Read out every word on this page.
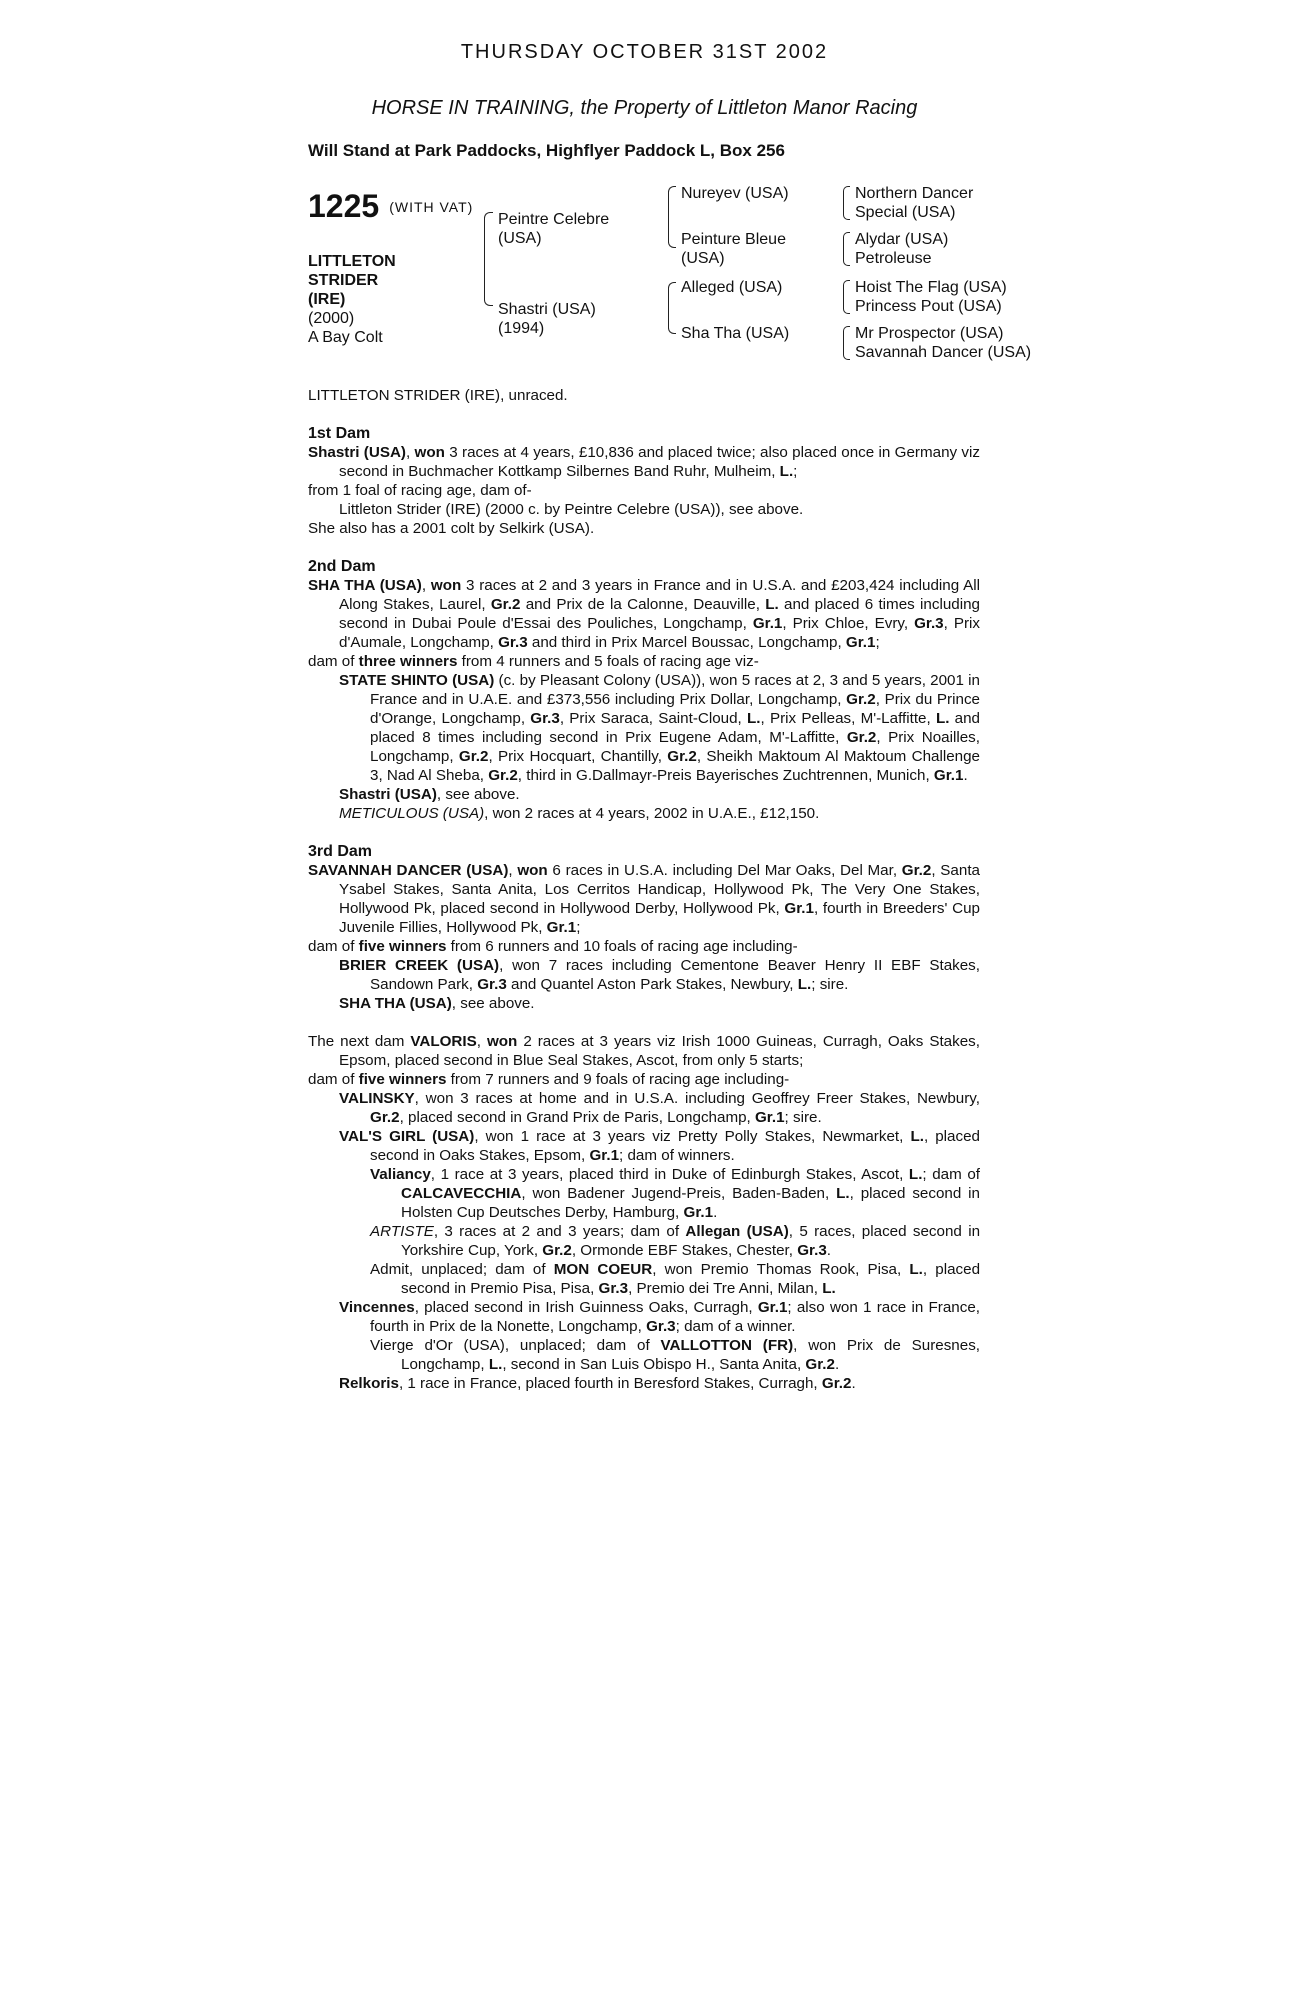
THURSDAY OCTOBER 31ST 2002
HORSE IN TRAINING, the Property of Littleton Manor Racing
Will Stand at Park Paddocks, Highflyer Paddock L, Box 256
1225 (WITH VAT)
LITTLETON
STRIDER
(IRE)
(2000)
A Bay Colt
Peintre Celebre
(USA)
Shastri (USA)
(1994)
Nureyev (USA)
Peinture Bleue
(USA)
Alleged (USA)
Sha Tha (USA)
Northern Dancer
Special (USA)
Alydar (USA)
Petroleuse
Hoist The Flag (USA)
Princess Pout (USA)
Mr Prospector (USA)
Savannah Dancer (USA)

LITTLETON STRIDER (IRE), unraced.

1st Dam

Shastri (USA), won 3 races at 4 years, £10,836 and placed twice; also placed once in Germany viz second in Buchmacher Kottkamp Silbernes Band Ruhr, Mulheim, L.;

from 1 foal of racing age, dam of-

Littleton Strider (IRE) (2000 c. by Peintre Celebre (USA)), see above.

She also has a 2001 colt by Selkirk (USA).

2nd Dam

SHA THA (USA), won 3 races at 2 and 3 years in France and in U.S.A. and £203,424 including All Along Stakes, Laurel, Gr.2 and Prix de la Calonne, Deauville, L. and placed 6 times including second in Dubai Poule d'Essai des Pouliches, Longchamp, Gr.1, Prix Chloe, Evry, Gr.3, Prix d'Aumale, Longchamp, Gr.3 and third in Prix Marcel Boussac, Longchamp, Gr.1;

dam of three winners from 4 runners and 5 foals of racing age viz-

STATE SHINTO (USA) (c. by Pleasant Colony (USA)), won 5 races at 2, 3 and 5 years, 2001 in France and in U.A.E. and £373,556 including Prix Dollar, Longchamp, Gr.2, Prix du Prince d'Orange, Longchamp, Gr.3, Prix Saraca, Saint-Cloud, L., Prix Pelleas, M'-Laffitte, L. and placed 8 times including second in Prix Eugene Adam, M'-Laffitte, Gr.2, Prix Noailles, Longchamp, Gr.2, Prix Hocquart, Chantilly, Gr.2, Sheikh Maktoum Al Maktoum Challenge 3, Nad Al Sheba, Gr.2, third in G.Dallmayr-Preis Bayerisches Zuchtrennen, Munich, Gr.1.

Shastri (USA), see above.

METICULOUS (USA), won 2 races at 4 years, 2002 in U.A.E., £12,150.

3rd Dam

SAVANNAH DANCER (USA), won 6 races in U.S.A. including Del Mar Oaks, Del Mar, Gr.2, Santa Ysabel Stakes, Santa Anita, Los Cerritos Handicap, Hollywood Pk, The Very One Stakes, Hollywood Pk, placed second in Hollywood Derby, Hollywood Pk, Gr.1, fourth in Breeders' Cup Juvenile Fillies, Hollywood Pk, Gr.1;

dam of five winners from 6 runners and 10 foals of racing age including-

BRIER CREEK (USA), won 7 races including Cementone Beaver Henry II EBF Stakes, Sandown Park, Gr.3 and Quantel Aston Park Stakes, Newbury, L.; sire.

SHA THA (USA), see above.

The next dam VALORIS, won 2 races at 3 years viz Irish 1000 Guineas, Curragh, Oaks Stakes, Epsom, placed second in Blue Seal Stakes, Ascot, from only 5 starts;

dam of five winners from 7 runners and 9 foals of racing age including-

VALINSKY, won 3 races at home and in U.S.A. including Geoffrey Freer Stakes, Newbury, Gr.2, placed second in Grand Prix de Paris, Longchamp, Gr.1; sire.

VAL'S GIRL (USA), won 1 race at 3 years viz Pretty Polly Stakes, Newmarket, L., placed second in Oaks Stakes, Epsom, Gr.1; dam of winners.

Valiancy, 1 race at 3 years, placed third in Duke of Edinburgh Stakes, Ascot, L.; dam of CALCAVECCHIA, won Badener Jugend-Preis, Baden-Baden, L., placed second in Holsten Cup Deutsches Derby, Hamburg, Gr.1.

ARTISTE, 3 races at 2 and 3 years; dam of Allegan (USA), 5 races, placed second in Yorkshire Cup, York, Gr.2, Ormonde EBF Stakes, Chester, Gr.3.

Admit, unplaced; dam of MON COEUR, won Premio Thomas Rook, Pisa, L., placed second in Premio Pisa, Pisa, Gr.3, Premio dei Tre Anni, Milan, L.

Vincennes, placed second in Irish Guinness Oaks, Curragh, Gr.1; also won 1 race in France, fourth in Prix de la Nonette, Longchamp, Gr.3; dam of a winner.

Vierge d'Or (USA), unplaced; dam of VALLOTTON (FR), won Prix de Suresnes, Longchamp, L., second in San Luis Obispo H., Santa Anita, Gr.2.

Relkoris, 1 race in France, placed fourth in Beresford Stakes, Curragh, Gr.2.
